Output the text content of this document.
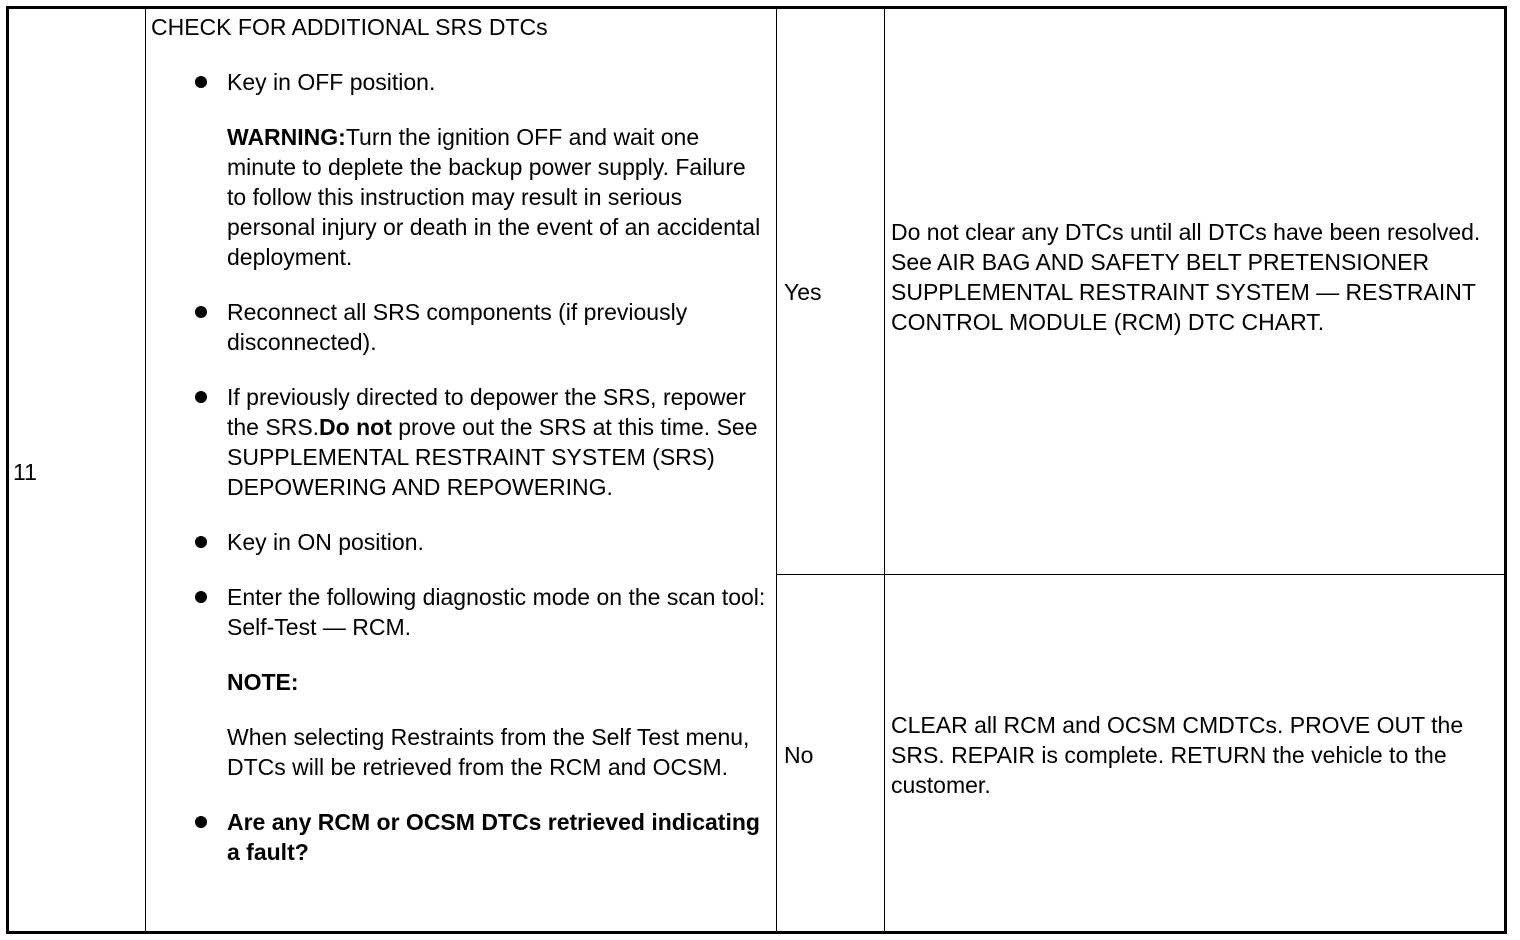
11

CHECK FOR ADDITIONAL SRS DTCs

Key in OFF position.
WARNING:Turn the ignition OFF and wait one minute to deplete the backup power supply. Failure to follow this instruction may result in serious personal injury or death in the event of an accidental deployment.
Reconnect all SRS components (if previously disconnected).
If previously directed to depower the SRS, repower the SRS.Do not prove out the SRS at this time. See SUPPLEMENTAL RESTRAINT SYSTEM (SRS) DEPOWERING AND REPOWERING.
Key in ON position.
Enter the following diagnostic mode on the scan tool: Self-Test — RCM.
NOTE:
When selecting Restraints from the Self Test menu, DTCs will be retrieved from the RCM and OCSM.
Are any RCM or OCSM DTCs retrieved indicating a fault?
Yes
Do not clear any DTCs until all DTCs have been resolved. See AIR BAG AND SAFETY BELT PRETENSIONER SUPPLEMENTAL RESTRAINT SYSTEM — RESTRAINT CONTROL MODULE (RCM) DTC CHART.
No
CLEAR all RCM and OCSM CMDTCs. PROVE OUT the SRS. REPAIR is complete. RETURN the vehicle to the customer.
